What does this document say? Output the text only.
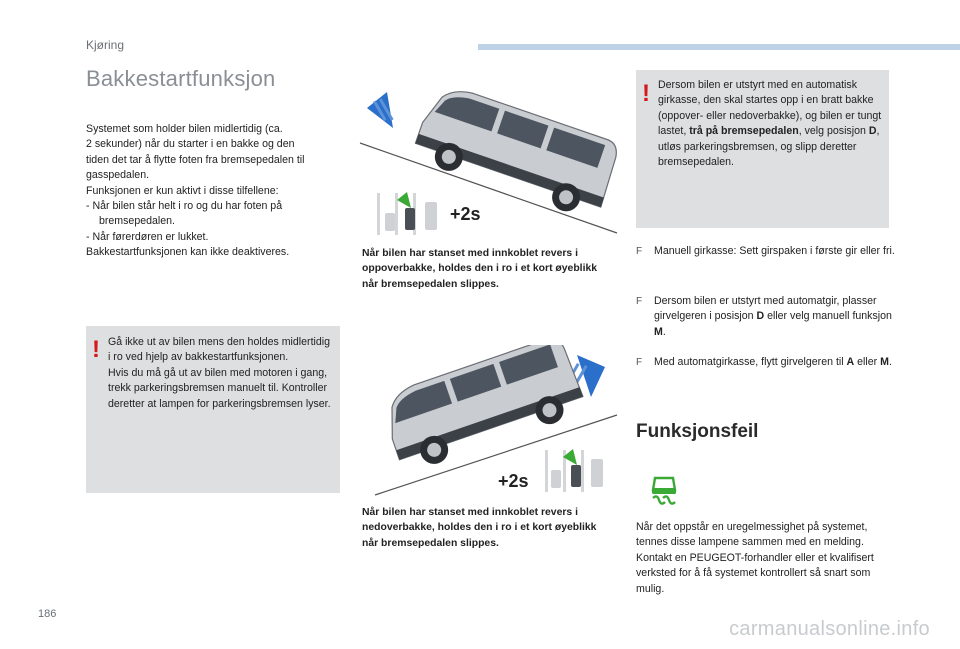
Kjøring
Bakkestartfunksjon

Systemet som holder bilen midlertidig (ca.

2 sekunder) når du starter i en bakke og den

tiden det tar å flytte foten fra bremsepedalen til

gasspedalen.

Funksjonen er kun aktivt i disse tilfellene:

- Når bilen står helt i ro og du har foten på bremsepedalen.

- Når førerdøren er lukket.

Bakkestartfunksjonen kan ikke deaktiveres.

! Gå ikke ut av bilen mens den holdes midlertidig i ro ved hjelp av bakkestartfunksjonen.
Hvis du må gå ut av bilen med motoren i gang, trekk parkeringsbremsen manuelt til. Kontroller deretter at lampen for parkeringsbremsen lyser.
+2s
Når bilen har stanset med innkoblet revers i oppoverbakke, holdes den i ro i et kort øyeblikk når bremsepedalen slippes.
+2s
Når bilen har stanset med innkoblet revers i nedoverbakke, holdes den i ro i et kort øyeblikk når bremsepedalen slippes.
! Dersom bilen er utstyrt med en automatisk girkasse, den skal startes opp i en bratt bakke (oppover- eller nedoverbakke), og bilen er tungt lastet, trå på bremsepedalen, velg posisjon D, utløs parkeringsbremsen, og slipp deretter bremsepedalen.
F Manuell girkasse: Sett girspaken i første gir eller fri.
F Dersom bilen er utstyrt med automatgir, plasser girvelgeren i posisjon D eller velg manuell funksjon M.
F Med automatgirkasse, flytt girvelgeren til A eller M.
Funksjonsfeil
Når det oppstår en uregelmessighet på systemet, tennes disse lampene sammen med en melding. Kontakt en PEUGEOT-forhandler eller et kvalifisert verksted for å få systemet kontrollert så snart som mulig.
186
carmanualsonline.info
